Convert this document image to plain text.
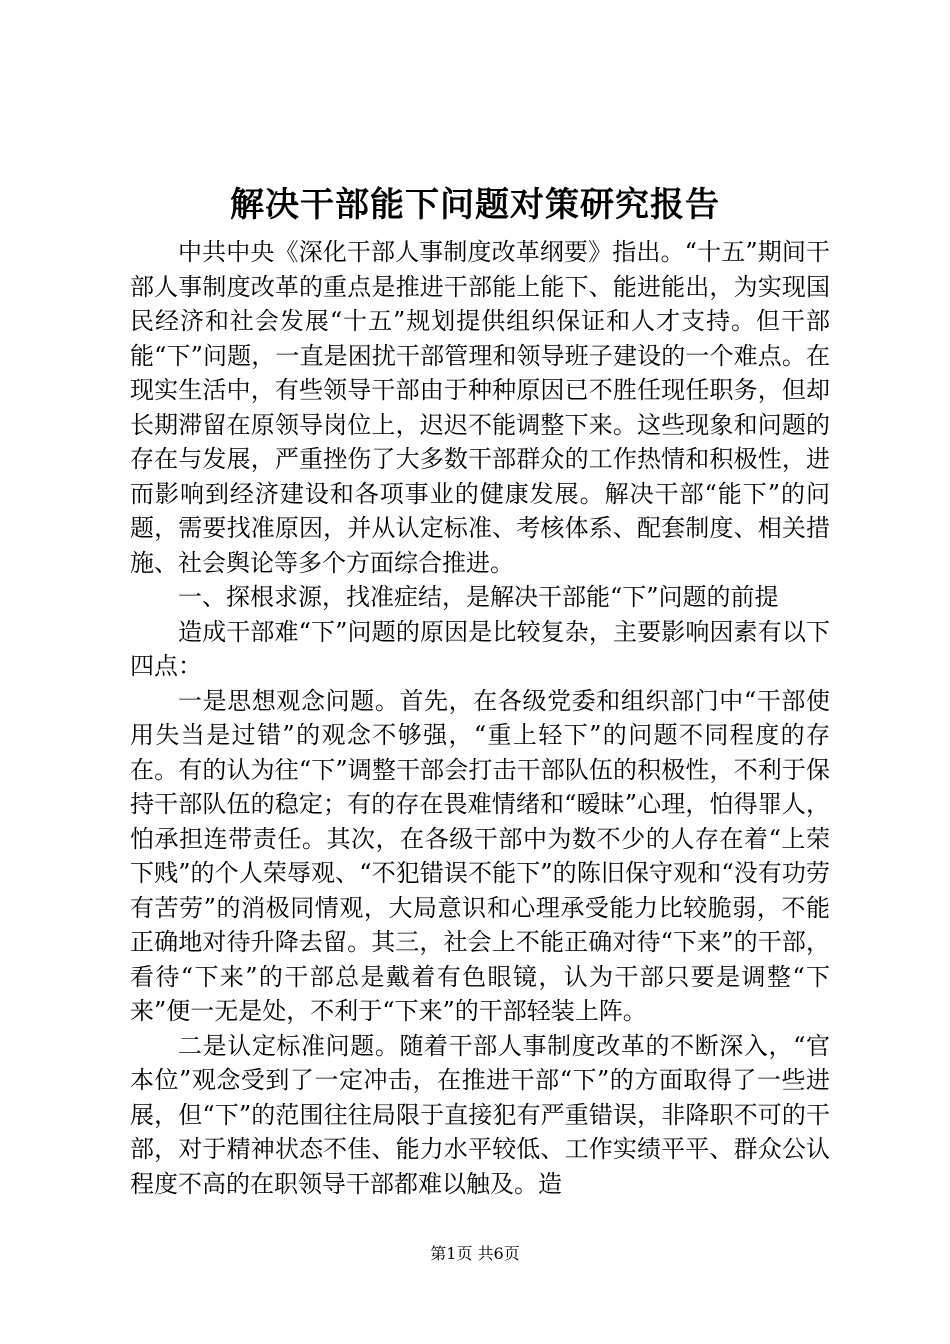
解决干部能下问题对策研究报告

中共中央《深化干部人事制度改革纲要》指出。“十五”期间干部人事制度改革的重点是推进干部能上能下、能进能出，为实现国民经济和社会发展“十五”规划提供组织保证和人才支持。但干部能“下”问题，一直是困扰干部管理和领导班子建设的一个难点。在现实生活中，有些领导干部由于种种原因已不胜任现任职务，但却长期滞留在原领导岗位上，迟迟不能调整下来。这些现象和问题的存在与发展，严重挫伤了大多数干部群众的工作热情和积极性，进而影响到经济建设和各项事业的健康发展。解决干部“能下”的问题，需要找准原因，并从认定标准、考核体系、配套制度、相关措施、社会舆论等多个方面综合推进。

一、探根求源，找准症结，是解决干部能“下”问题的前提

造成干部难“下”问题的原因是比较复杂，主要影响因素有以下四点：

一是思想观念问题。首先，在各级党委和组织部门中“干部使用失当是过错”的观念不够强，“重上轻下”的问题不同程度的存在。有的认为往“下”调整干部会打击干部队伍的积极性，不利于保持干部队伍的稳定；有的存在畏难情绪和“暧昧”心理，怕得罪人，怕承担连带责任。其次，在各级干部中为数不少的人存在着“上荣下贱”的个人荣辱观、“不犯错误不能下”的陈旧保守观和“没有功劳有苦劳”的消极同情观，大局意识和心理承受能力比较脆弱，不能正确地对待升降去留。其三，社会上不能正确对待“下来”的干部，看待“下来”的干部总是戴着有色眼镜，认为干部只要是调整“下来”便一无是处，不利于“下来”的干部轻装上阵。

二是认定标准问题。随着干部人事制度改革的不断深入，“官本位”观念受到了一定冲击，在推进干部“下”的方面取得了一些进展，但“下”的范围往往局限于直接犯有严重错误，非降职不可的干部，对于精神状态不佳、能力水平较低、工作实绩平平、群众公认程度不高的在职领导干部都难以触及。造

第1页 共6页
